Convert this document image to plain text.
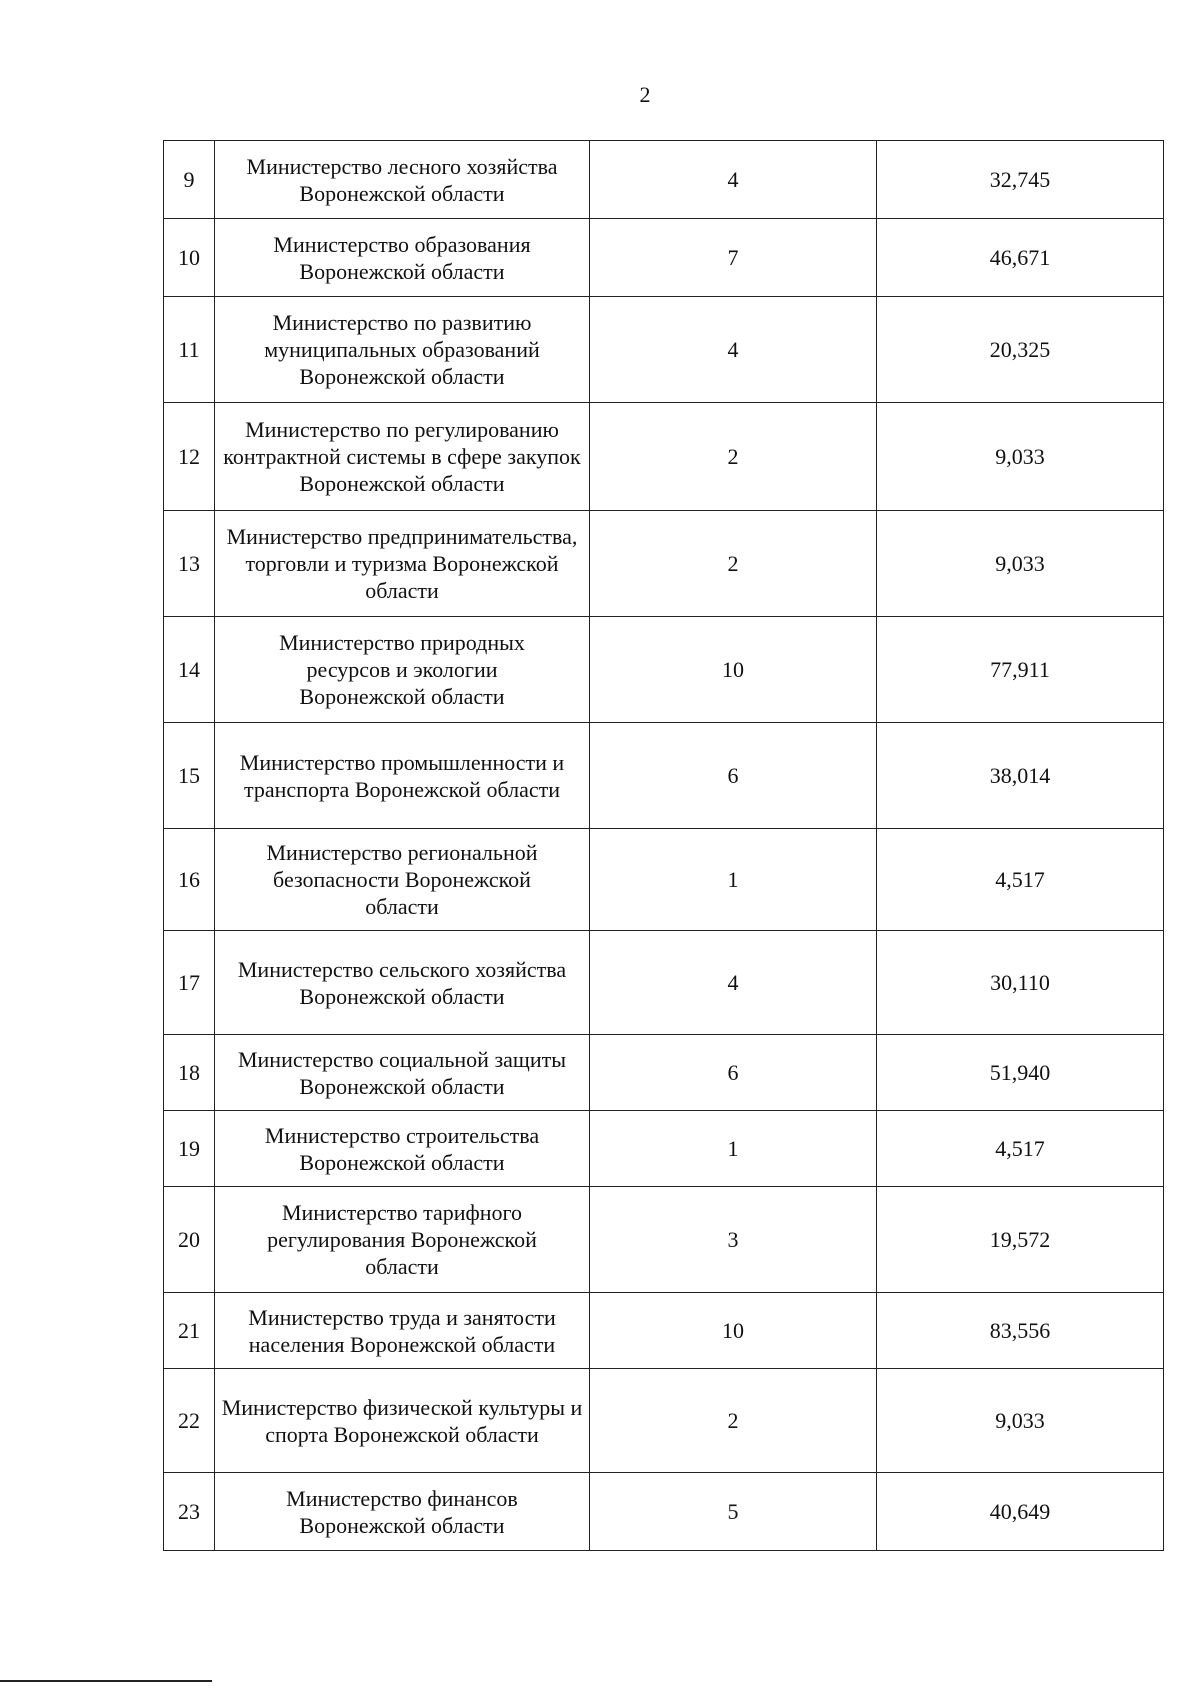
2
9	Министерство лесного хозяйства Воронежской области	4	32,745
10	Министерство образования Воронежской области	7	46,671
11	Министерство по развитию муниципальных образований Воронежской области	4	20,325
12	Министерство по регулированию контрактной системы в сфере закупок Воронежской области	2	9,033
13	Министерство предпринимательства, торговли и туризма Воронежской области	2	9,033
14	Министерство природных ресурсов и экологии Воронежской области	10	77,911
15	Министерство промышленности и транспорта Воронежской области	6	38,014
16	Министерство региональной безопасности Воронежской области	1	4,517
17	Министерство сельского хозяйства Воронежской области	4	30,110
18	Министерство социальной защиты Воронежской области	6	51,940
19	Министерство строительства Воронежской области	1	4,517
20	Министерство тарифного регулирования Воронежской области	3	19,572
21	Министерство труда и занятости населения Воронежской области	10	83,556
22	Министерство физической культуры и спорта Воронежской области	2	9,033
23	Министерство финансов Воронежской области	5	40,649
